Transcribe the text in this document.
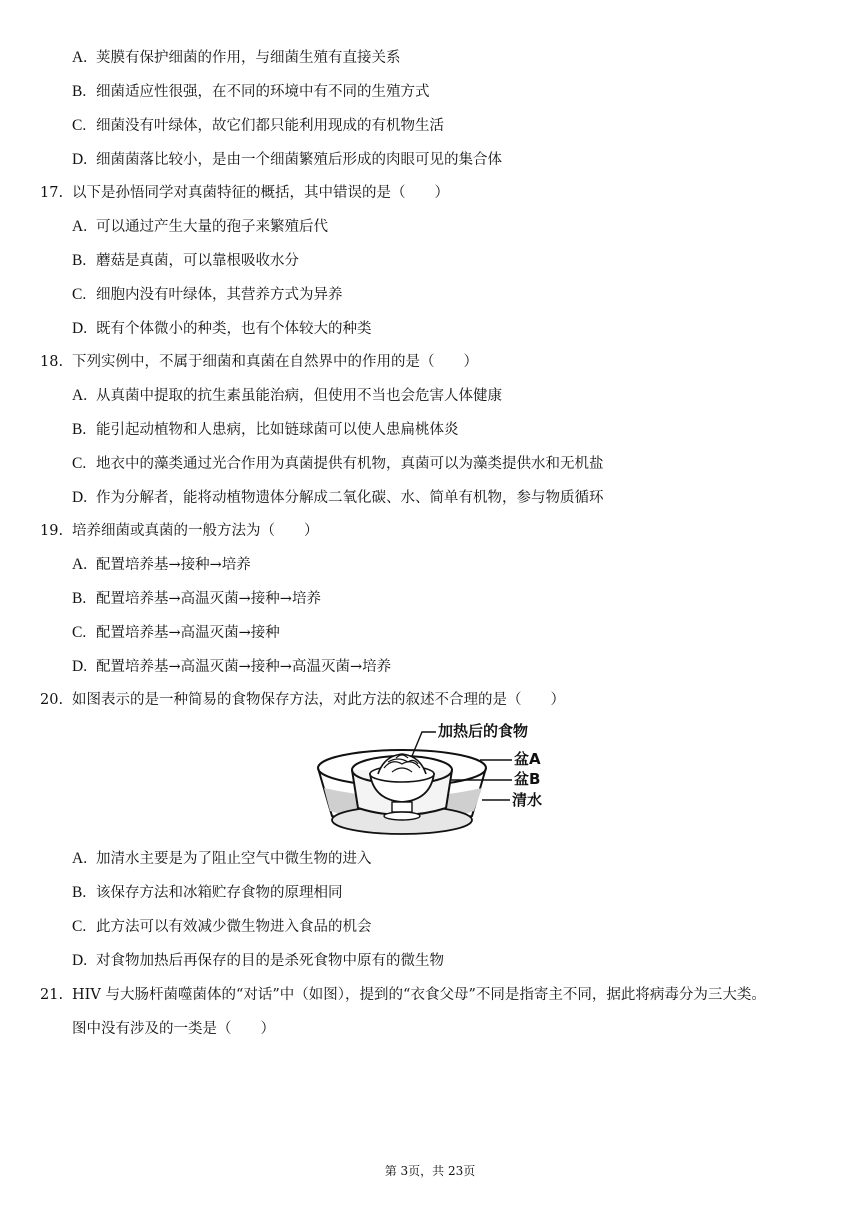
A. 荚膜有保护细菌的作用，与细菌生殖有直接关系
B. 细菌适应性很强，在不同的环境中有不同的生殖方式
C. 细菌没有叶绿体，故它们都只能利用现成的有机物生活
D. 细菌菌落比较小，是由一个细菌繁殖后形成的肉眼可见的集合体
17. 以下是孙悟同学对真菌特征的概括，其中错误的是（　　）
A. 可以通过产生大量的孢子来繁殖后代
B. 蘑菇是真菌，可以靠根吸收水分
C. 细胞内没有叶绿体，其营养方式为异养
D. 既有个体微小的种类，也有个体较大的种类
18. 下列实例中，不属于细菌和真菌在自然界中的作用的是（　　）
A. 从真菌中提取的抗生素虽能治病，但使用不当也会危害人体健康
B. 能引起动植物和人患病，比如链球菌可以使人患扁桃体炎
C. 地衣中的藻类通过光合作用为真菌提供有机物，真菌可以为藻类提供水和无机盐
D. 作为分解者，能将动植物遗体分解成二氧化碳、水、简单有机物，参与物质循环
19. 培养细菌或真菌的一般方法为（　　）
A. 配置培养基→接种→培养
B. 配置培养基→高温灭菌→接种→培养
C. 配置培养基→高温灭菌→接种
D. 配置培养基→高温灭菌→接种→高温灭菌→培养
20. 如图表示的是一种简易的食物保存方法，对此方法的叙述不合理的是（　　）
加热后的食物
盆A
盆B
清水
A. 加清水主要是为了阻止空气中微生物的进入
B. 该保存方法和冰箱贮存食物的原理相同
C. 此方法可以有效减少微生物进入食品的机会
D. 对食物加热后再保存的目的是杀死食物中原有的微生物
21. HIV 与大肠杆菌噬菌体的“对话”中（如图），提到的“衣食父母”不同是指寄主不同，据此将病毒分为三大类。
图中没有涉及的一类是（　　）
第 3页，共 23页
